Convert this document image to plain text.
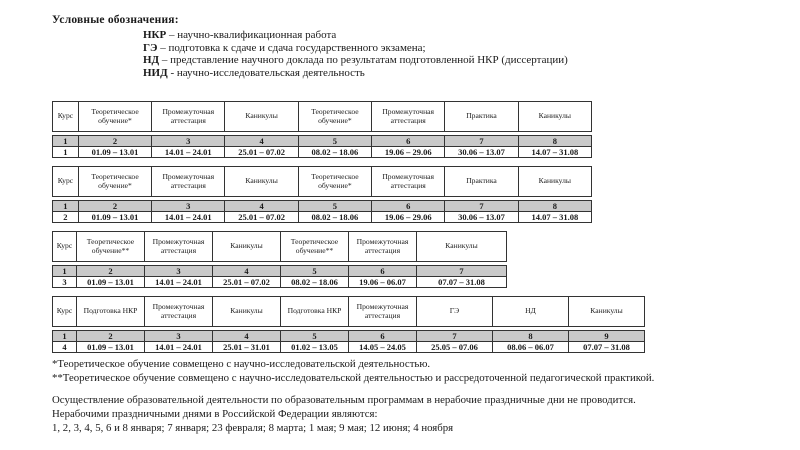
Условные обозначения:
НКР – научно-квалификационная работа
ГЭ – подготовка к сдаче и сдача государственного экзамена;
НД – представление научного доклада по результатам подготовленной НКР (диссертации)
НИД - научно-исследовательская деятельность
Курс	Теоретическое обучение*	Промежуточная аттестация	Каникулы	Теоретическое обучение*	Промежуточная аттестация	Практика	Каникулы

1	2	3	4	5	6	7	8
1	01.09 – 13.01	14.01 – 24.01	25.01 – 07.02	08.02 – 18.06	19.06 – 29.06	30.06 – 13.07	14.07 – 31.08
Курс	Теоретическое обучение*	Промежуточная аттестация	Каникулы	Теоретическое обучение*	Промежуточная аттестация	Практика	Каникулы

1	2	3	4	5	6	7	8
2	01.09 – 13.01	14.01 – 24.01	25.01 – 07.02	08.02 – 18.06	19.06 – 29.06	30.06 – 13.07	14.07 – 31.08
Курс	Теоретическое обучение**	Промежуточная аттестация	Каникулы	Теоретическое обучение**	Промежуточная аттестация	Каникулы

1	2	3	4	5	6	7
3	01.09 – 13.01	14.01 – 24.01	25.01 – 07.02	08.02 – 18.06	19.06 – 06.07	07.07 – 31.08
Курс	Подготовка НКР	Промежуточная аттестация	Каникулы	Подготовка НКР	Промежуточная аттестация	ГЭ	НД	Каникулы

1	2	3	4	5	6	7	8	9
4	01.09 – 13.01	14.01 – 24.01	25.01 – 31.01	01.02 – 13.05	14.05 – 24.05	25.05 – 07.06	08.06 – 06.07	07.07 – 31.08
*Теоретическое обучение совмещено с научно-исследовательской деятельностью.
**Теоретическое обучение совмещено с научно-исследовательской деятельностью и рассредоточенной педагогической практикой.
Осуществление образовательной деятельности по образовательным программам в нерабочие праздничные дни не проводится.
Нерабочими праздничными днями в Российской Федерации являются:
1, 2, 3, 4, 5, 6 и 8 января; 7 января; 23 февраля; 8 марта; 1 мая; 9 мая; 12 июня; 4 ноября
